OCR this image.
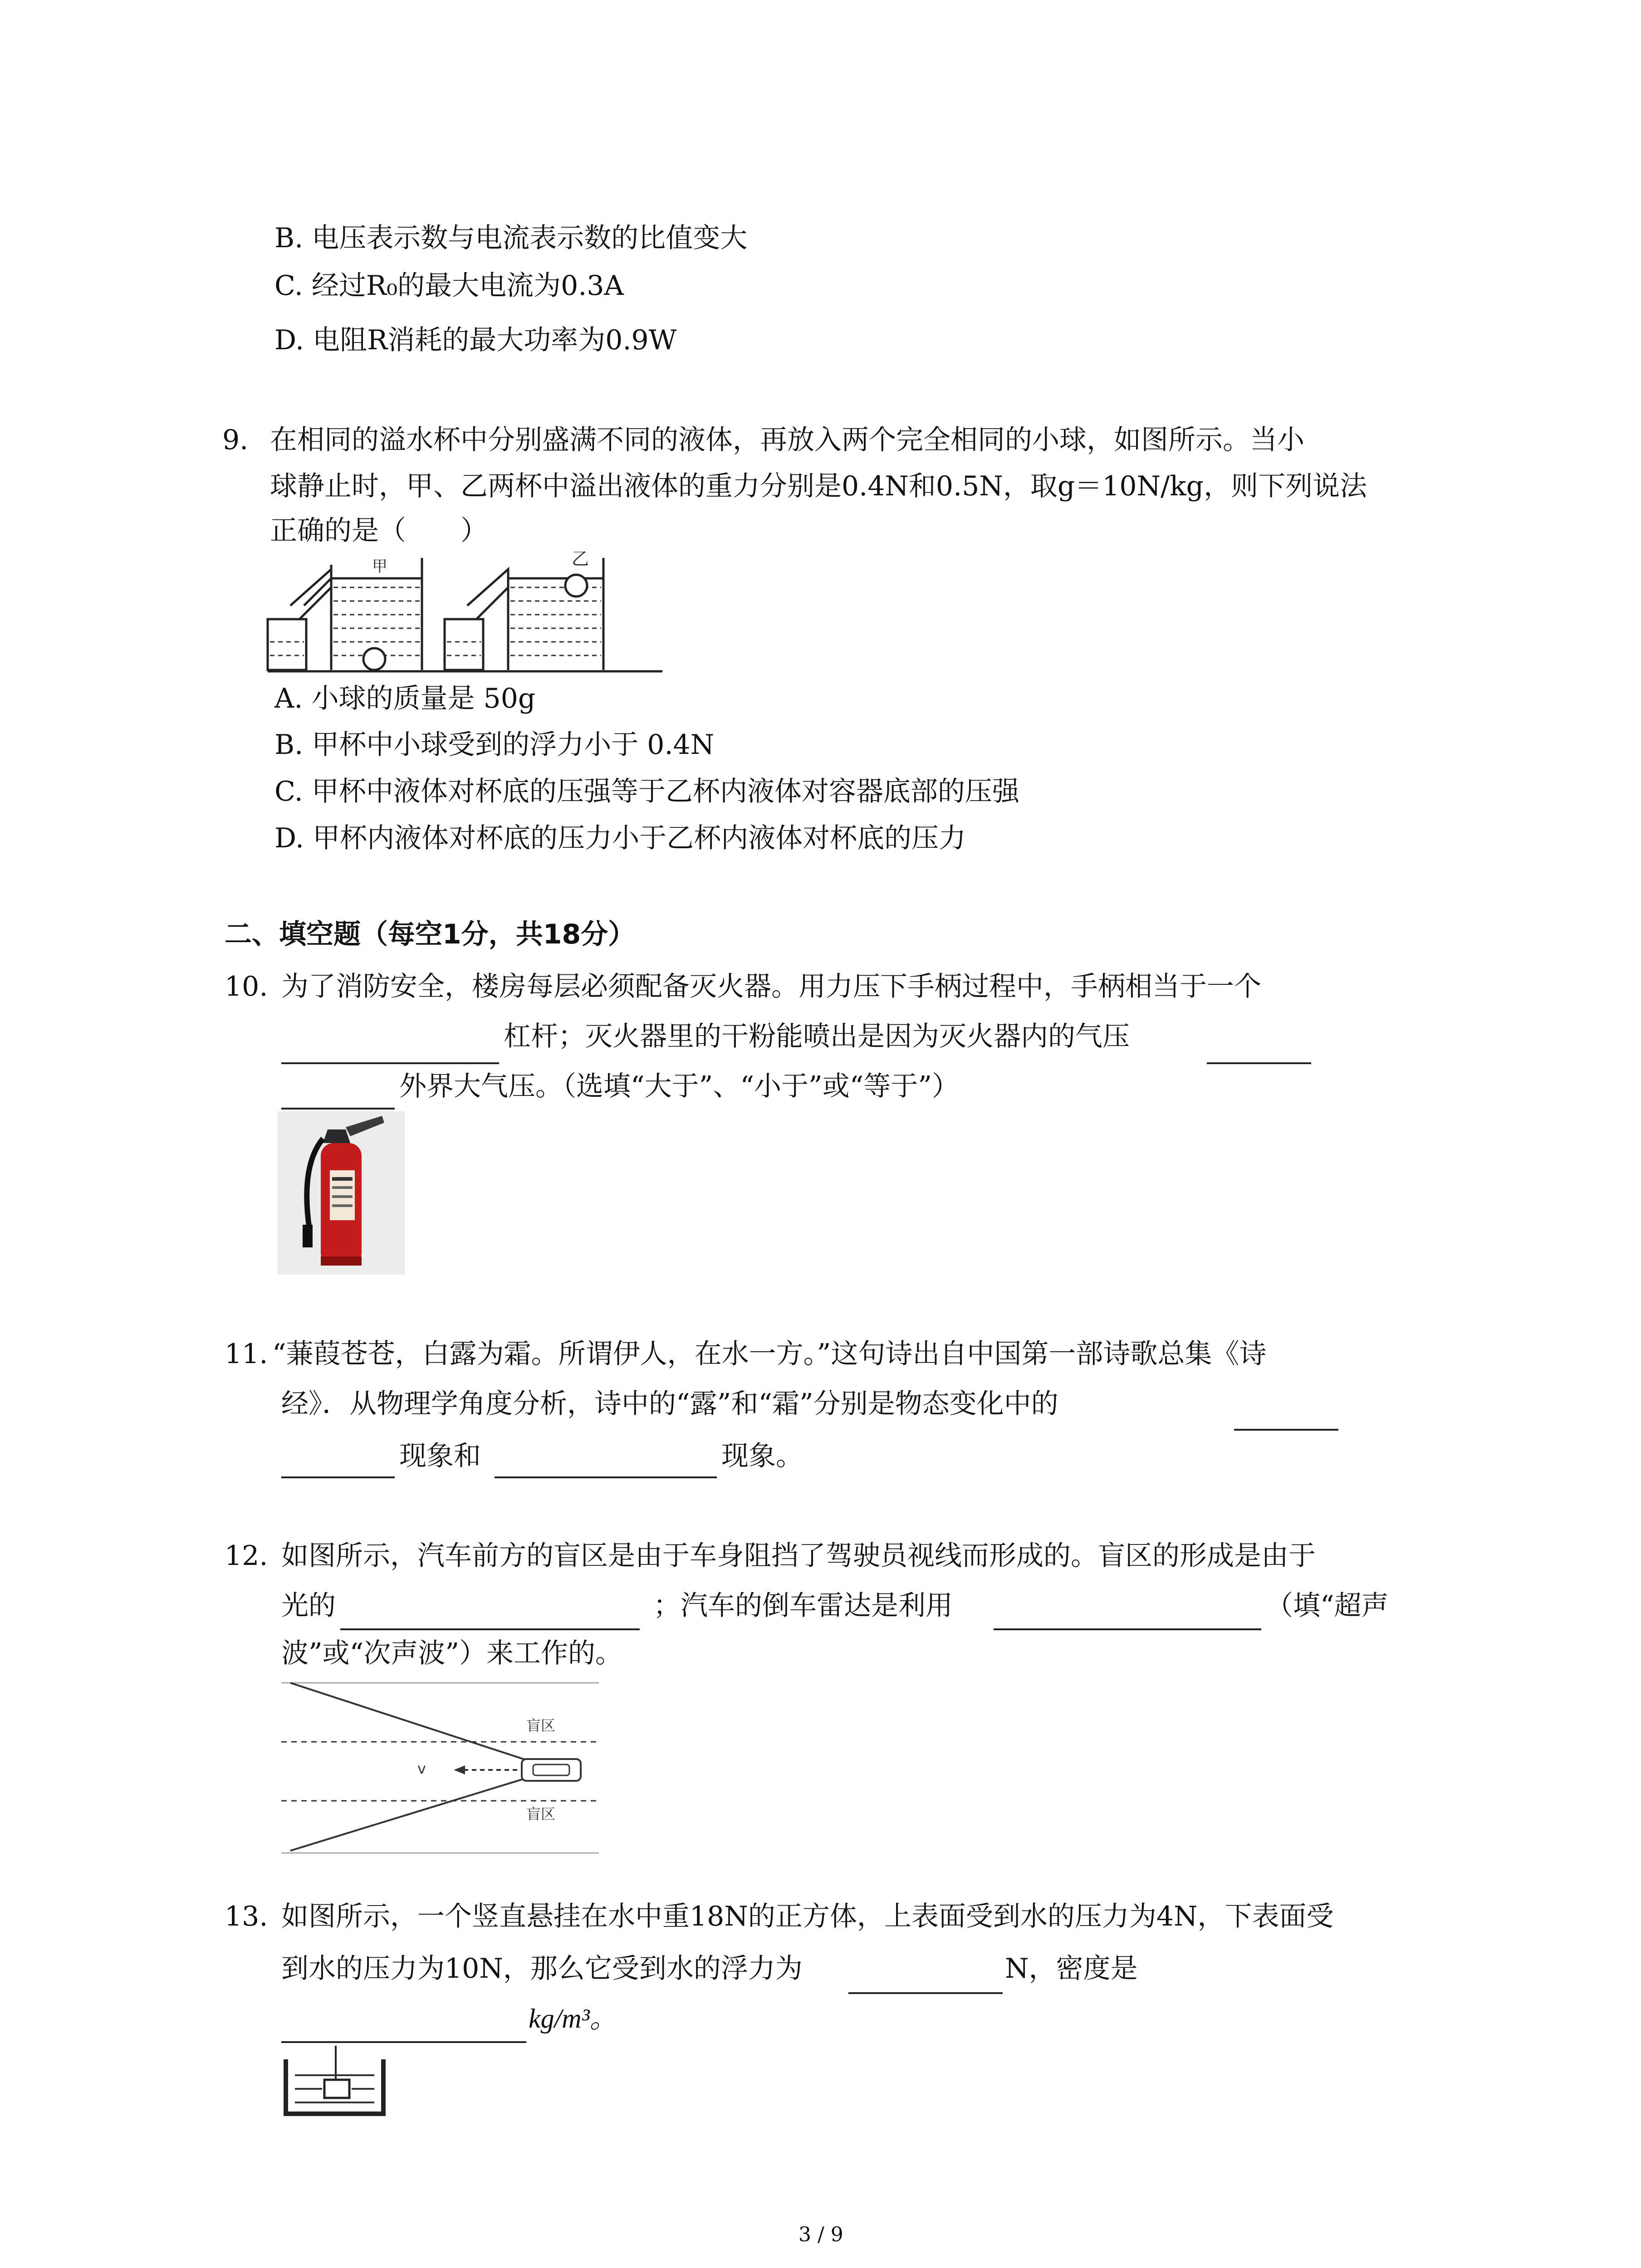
B. 电压表示数与电流表示数的比值变大
C. 经过R₀的最大电流为0.3A
D. 电阻R消耗的最大功率为0.9W
9. 在相同的溢水杯中分别盛满不同的液体，再放入两个完全相同的小球，如图所示。当小
球静止时，甲、乙两杯中溢出液体的重力分别是0.4N和0.5N，取g＝10N/kg，则下列说法
正确的是（　　）
甲	乙
A. 小球的质量是 50g
B. 甲杯中小球受到的浮力小于 0.4N
C. 甲杯中液体对杯底的压强等于乙杯内液体对容器底部的压强
D. 甲杯内液体对杯底的压力小于乙杯内液体对杯底的压力
二、填空题（每空1分，共18分）
10. 为了消防安全，楼房每层必须配备灭火器。用力压下手柄过程中，手柄相当于一个
杠杆；灭火器里的干粉能喷出是因为灭火器内的气压
外界大气压。（选填“大于”、“小于”或“等于”）
11. “蒹葭苍苍，白露为霜。所谓伊人，在水一方。”这句诗出自中国第一部诗歌总集《诗
经》．从物理学角度分析，诗中的“露”和“霜”分别是物态变化中的
现象和	现象。
12. 如图所示，汽车前方的盲区是由于车身阻挡了驾驶员视线而形成的。盲区的形成是由于
光的	；汽车的倒车雷达是利用	（填“超声
波”或“次声波”）来工作的。
v
盲区
盲区
13. 如图所示，一个竖直悬挂在水中重18N的正方体，上表面受到水的压力为4N，下表面受
到水的压力为10N，那么它受到水的浮力为	N，密度是
kg/m³。
3 / 9
